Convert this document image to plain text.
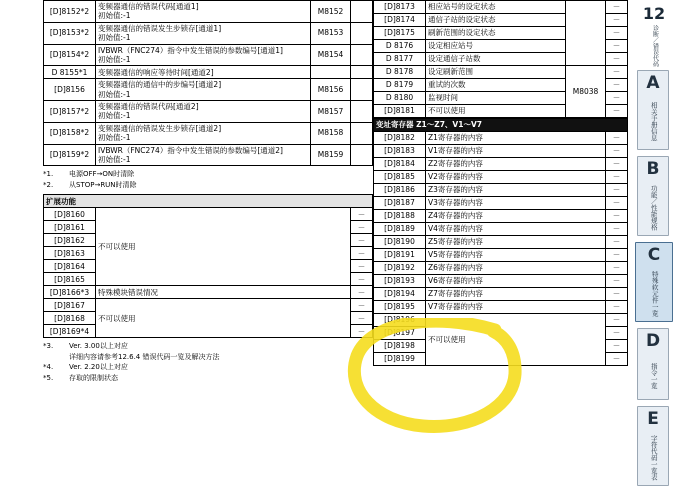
[D]8152*2	变频器通信的错误代码[通道1]
初始值:-1	M8152	
[D]8153*2	变频器通信的错误发生步锁存[通道1]
初始值:-1	M8153	
[D]8154*2	IVBWR（FNC274）指令中发生错误的参数编号[通道1]
初始值:-1	M8154	
D 8155*1	变频器通信的响应等待时间[通道2]		
[D]8156	变频器通信的通信中的步编号[通道2]
初始值:-1	M8156	
[D]8157*2	变频器通信的错误代码[通道2]
初始值:-1	M8157	
[D]8158*2	变频器通信的错误发生步锁存[通道2]
初始值:-1	M8158	
[D]8159*2	IVBWR（FNC274）指令中发生错误的参数编号[通道2]
初始值:-1	M8159	
*1.	电源OFF→ON时清除
*2.	从STOP→RUN时清除
扩展功能		
[D]8160	不可以使用	－
[D]8161		－
[D]8162		－
[D]8163		－
[D]8164		－
[D]8165		－
[D]8166*3	特殊模块错误情况	－
[D]8167	不可以使用	－
[D]8168		－
[D]8169*4		－
*3.	Ver. 3.00以上对应
详细内容请参考12.6.4 错误代码一览及解决方法
*4.	Ver. 2.20以上对应
*5.	存取的限制状态
[D]8173	相应站号的设定状态		－
[D]8174	通信子站的设定状态		－
[D]8175	刷新范围的设定状态		－
D 8176	设定相应站号		－
D 8177	设定通信子站数		－
D 8178	设定刷新范围	M8038	－
D 8179	重试的次数		－
D 8180	监视时间		－
[D]8181	不可以使用		－
变址寄存器 Z1～Z7、V1～V7		
[D]8182	Z1寄存器的内容	－
[D]8183	V1寄存器的内容	－
[D]8184	Z2寄存器的内容	－
[D]8185	V2寄存器的内容	－
[D]8186	Z3寄存器的内容	－
[D]8187	V3寄存器的内容	－
[D]8188	Z4寄存器的内容	－
[D]8189	V4寄存器的内容	－
[D]8190	Z5寄存器的内容	－
[D]8191	V5寄存器的内容	－
[D]8192	Z6寄存器的内容	－
[D]8193	V6寄存器的内容	－
[D]8194	Z7寄存器的内容	－
[D]8195	V7寄存器的内容	－
[D]8196	不可以使用	－
[D]8197		－
[D]8198		－
[D]8199		－
12
诊断／错误代码
A
相关手册信息
B
功能／性能规格
C
特殊软元件一览
D
指令一览
E
字符代码一览表
